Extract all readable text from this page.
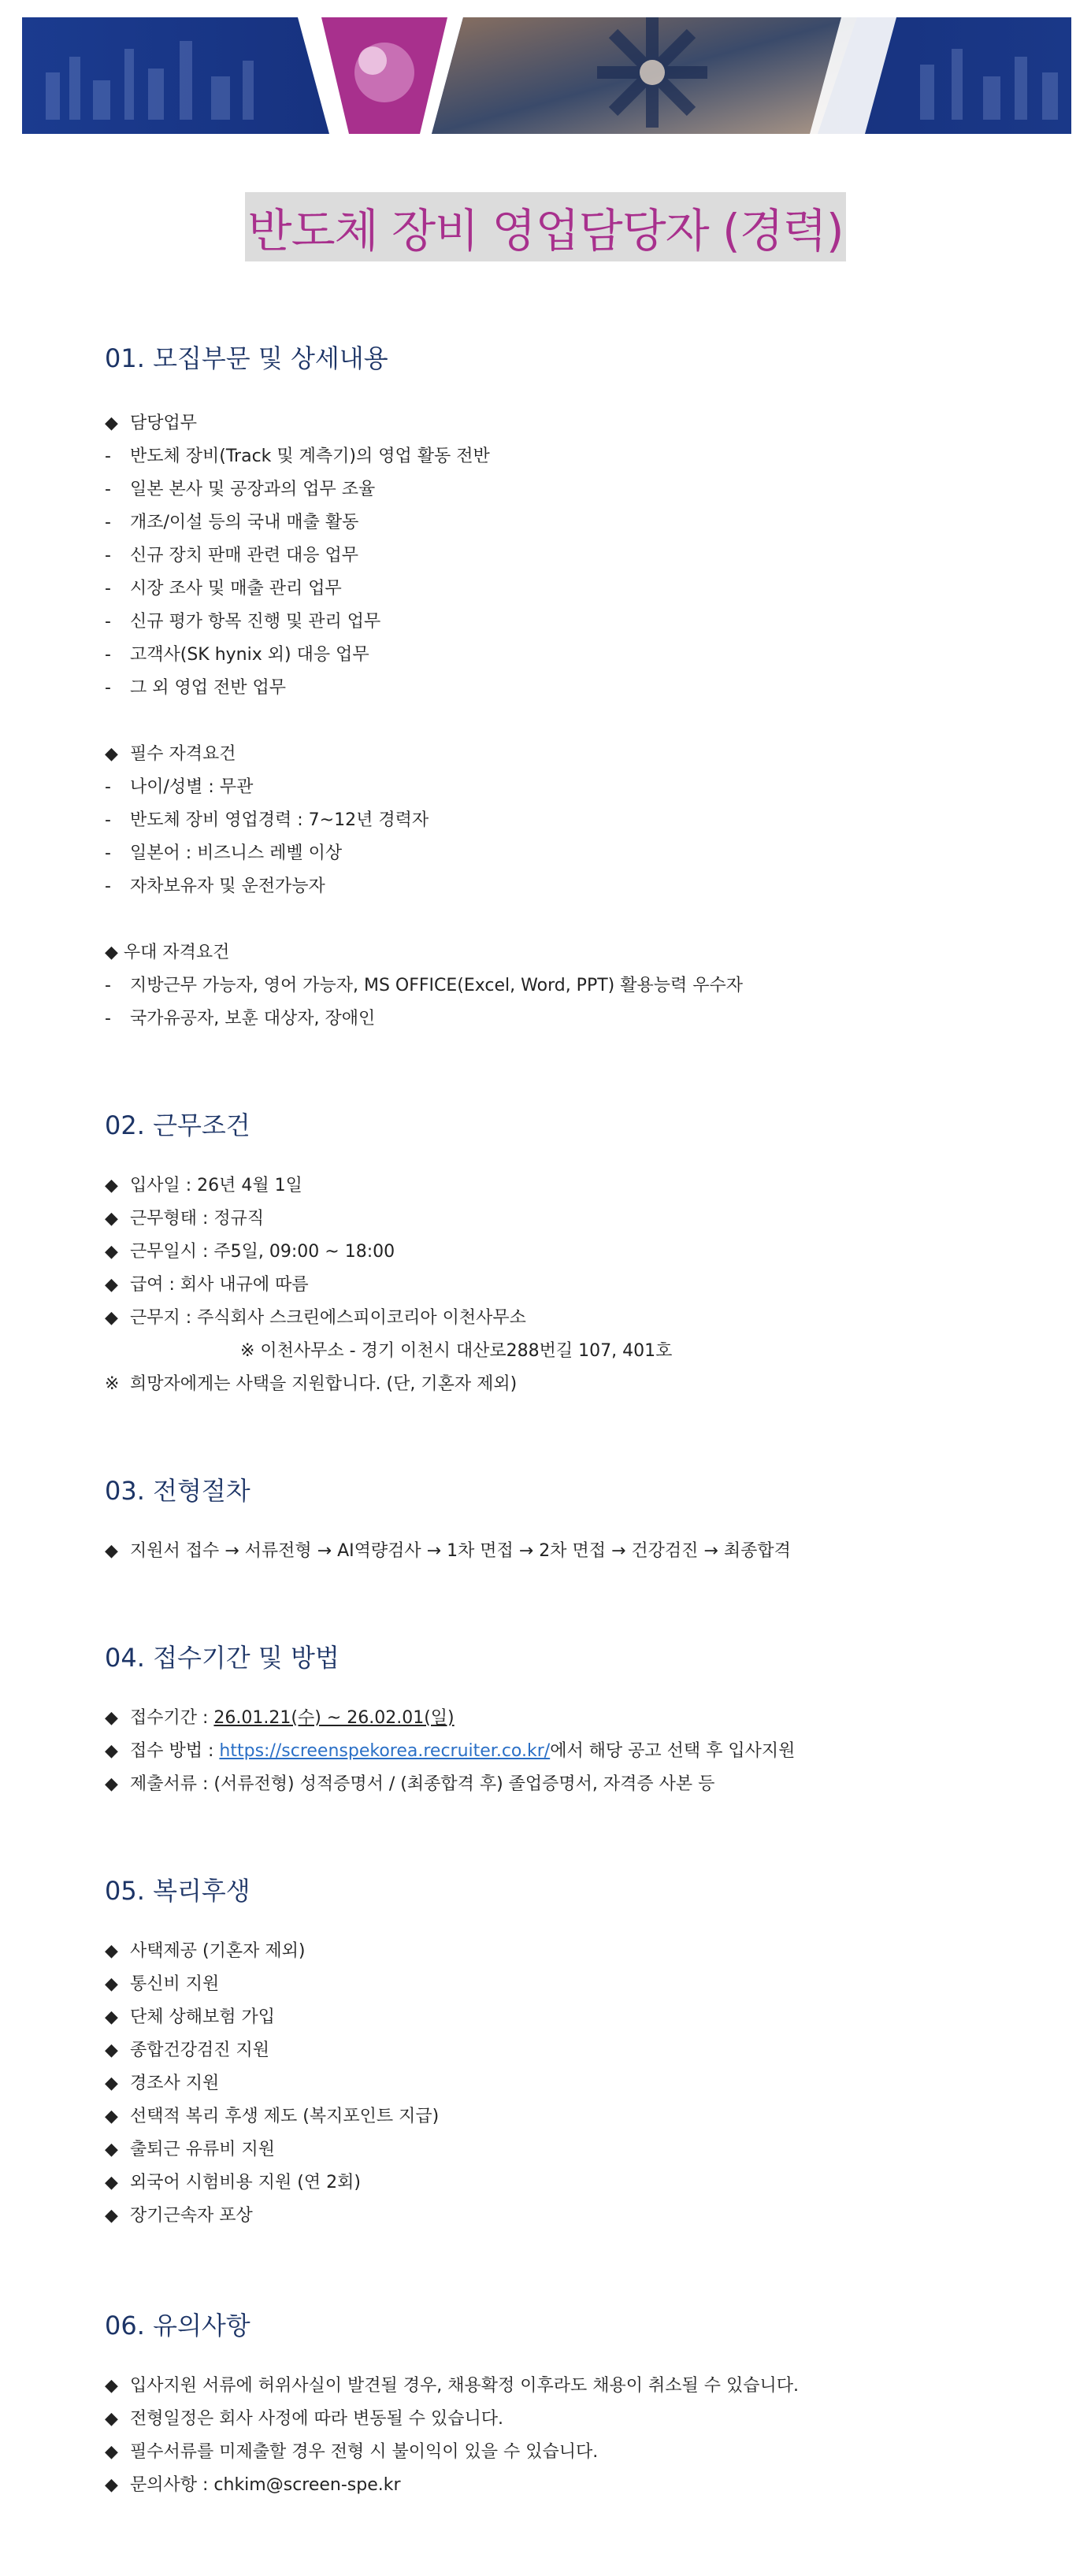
반도체 장비 영업담당자 (경력)
01. 모집부문 및 상세내용
◆ 담당업무
- 반도체 장비(Track 및 계측기)의 영업 활동 전반
- 일본 본사 및 공장과의 업무 조율
- 개조/이설 등의 국내 매출 활동
- 신규 장치 판매 관련 대응 업무
- 시장 조사 및 매출 관리 업무
- 신규 평가 항목 진행 및 관리 업무
- 고객사(SK hynix 외) 대응 업무
- 그 외 영업 전반 업무
◆ 필수 자격요건
- 나이/성별 : 무관
- 반도체 장비 영업경력 : 7~12년 경력자
- 일본어 : 비즈니스 레벨 이상
- 자차보유자 및 운전가능자
◆ 우대 자격요건
- 지방근무 가능자, 영어 가능자, MS OFFICE(Excel, Word, PPT) 활용능력 우수자
- 국가유공자, 보훈 대상자, 장애인
02. 근무조건
◆ 입사일 : 26년 4월 1일
◆ 근무형태 : 정규직
◆ 근무일시 : 주5일, 09:00 ~ 18:00
◆ 급여 : 회사 내규에 따름
◆ 근무지 : 주식회사 스크린에스피이코리아 이천사무소
※ 이천사무소 - 경기 이천시 대산로288번길 107, 401호
※ 희망자에게는 사택을 지원합니다. (단, 기혼자 제외)
03. 전형절차
◆ 지원서 접수 → 서류전형 → AI역량검사 → 1차 면접 → 2차 면접 → 건강검진 → 최종합격
04. 접수기간 및 방법
◆ 접수기간 : 26.01.21(수) ~ 26.02.01(일)
◆ 접수 방법 : https://screenspekorea.recruiter.co.kr/에서 해당 공고 선택 후 입사지원
◆ 제출서류 : (서류전형) 성적증명서 / (최종합격 후) 졸업증명서, 자격증 사본 등
05. 복리후생
◆ 사택제공 (기혼자 제외)
◆ 통신비 지원
◆ 단체 상해보험 가입
◆ 종합건강검진 지원
◆ 경조사 지원
◆ 선택적 복리 후생 제도 (복지포인트 지급)
◆ 출퇴근 유류비 지원
◆ 외국어 시험비용 지원 (연 2회)
◆ 장기근속자 포상
06. 유의사항
◆ 입사지원 서류에 허위사실이 발견될 경우, 채용확정 이후라도 채용이 취소될 수 있습니다.
◆ 전형일정은 회사 사정에 따라 변동될 수 있습니다.
◆ 필수서류를 미제출할 경우 전형 시 불이익이 있을 수 있습니다.
◆ 문의사항 : chkim@screen-spe.kr
